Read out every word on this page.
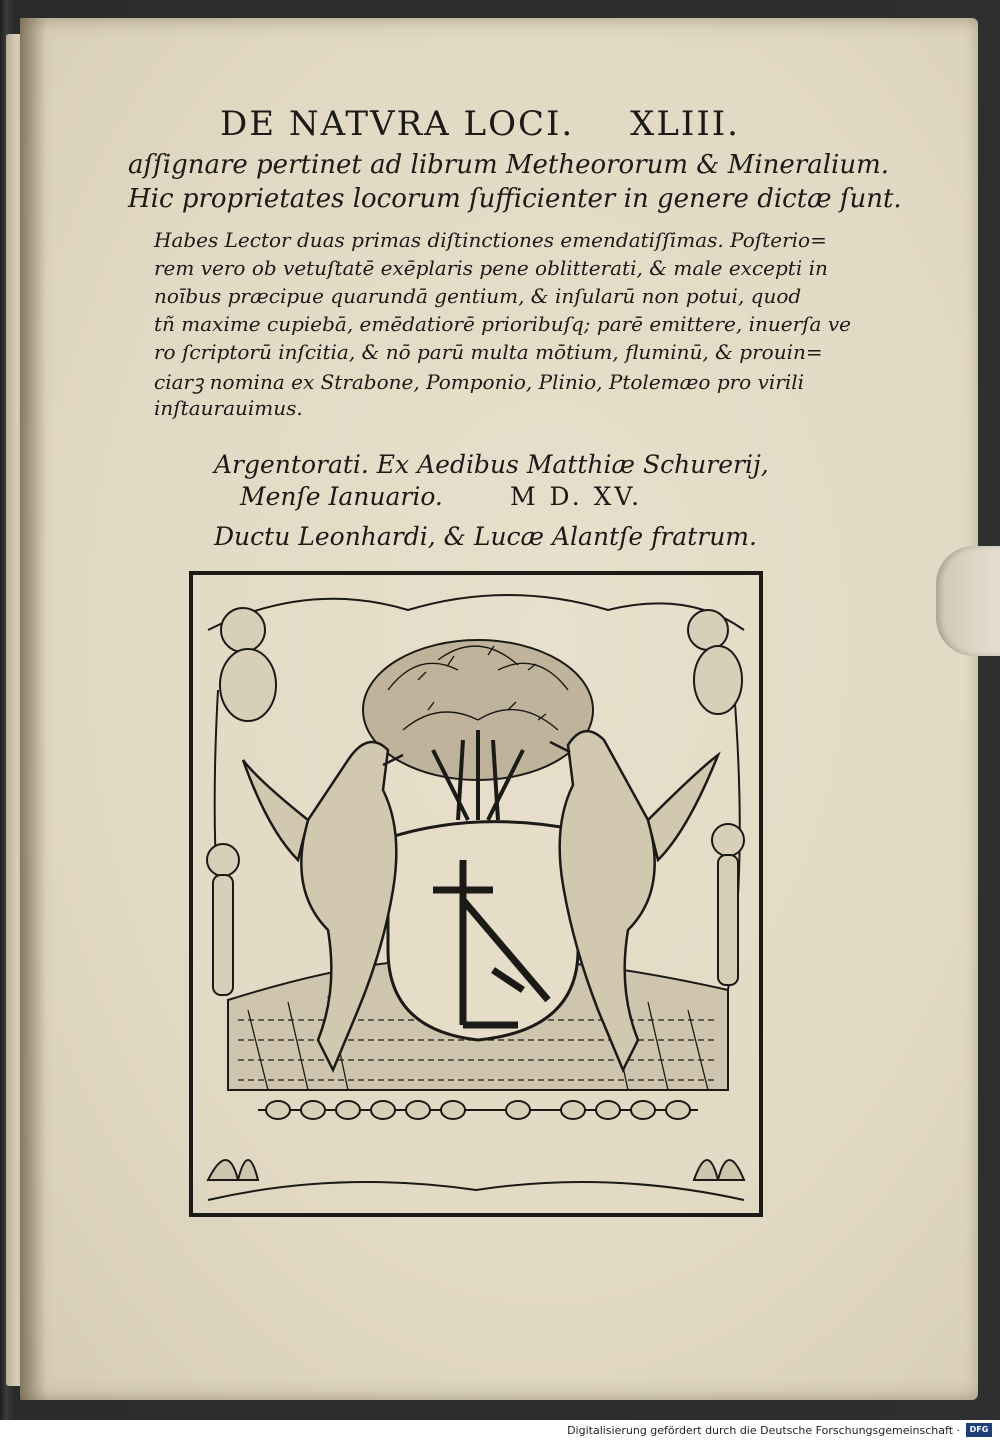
DE NATVRA LOCI. XLIII.
aſſignare pertinet ad librum Metheororum & Mineralium.
Hic proprietates locorum ſufficienter in genere dictæ ſunt.
Habes Lector duas primas diſtinctiones emendatiſſimas. Poſterio=
rem vero ob vetuſtatē exēplaris pene oblitterati, & male excepti in
noībus præcipue quarundā gentium, & inſularū non potui, quod
tñ maxime cupiebā, emēdatiorē prioribuſq; parē emittere, inuerſa ve
ro ſcriptorū inſcitia, & nō parū multa mōtium, fluminū, & prouin=
ciarꝫ nomina ex Strabone, Pomponio, Plinio, Ptolemæo pro virili
inſtaurauimus.
Argentorati. Ex Aedibus Matthiæ Schurerij,
Menſe Ianuario.	M D. XV.
Ductu Leonhardi, & Lucæ Alantſe fratrum.
Digitalisierung gefördert durch die Deutsche Forschungsgemeinschaft ·	DFG
